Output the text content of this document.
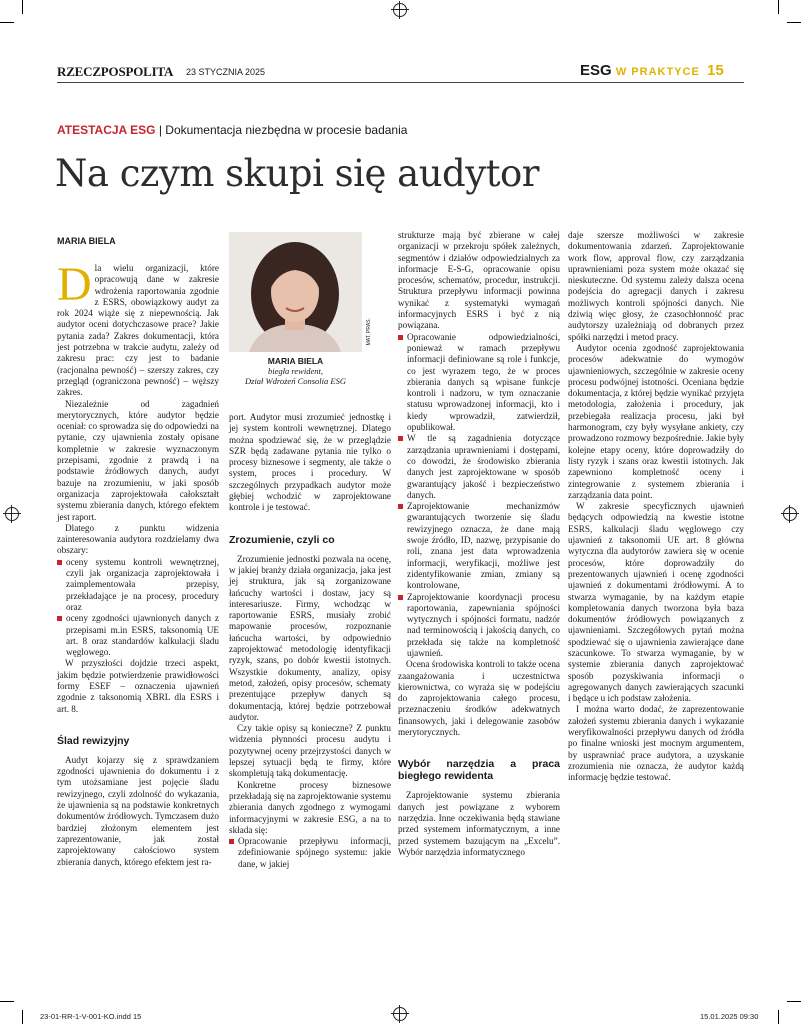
RZECZPOSPOLITA 23 STYCZNIA 2025	ESG W PRAKTYCE 15
ATESTACJA ESG | Dokumentacja niezbędna w procesie badania
Na czym skupi się audytor
MARIA BIELA
MAT. PRAS.
MARIA BIELA
biegła rewident,
Dział Wdrożeń Consolia ESG

Dla wielu organizacji, które opracowują dane w zakresie wdrożenia raportowania zgodnie z ESRS, obowiązkowy audyt za rok 2024 wiąże się z niepewnością. Jak audytor oceni dotychczasowe prace? Jakie pytania zada? Zakres dokumentacji, która jest potrzebna w trakcie audytu, zależy od zakresu prac: czy jest to badanie (racjonalna pewność) – szerszy zakres, czy przegląd (ograniczona pewność) – węższy zakres.

Niezależnie od zagadnień merytorycznych, które audytor będzie oceniał: co sprowadza się do odpowiedzi na pytanie, czy ujawnienia zostały opisane kompletnie w zakresie wyznaczonym przepisami, zgodnie z prawdą i na podstawie źródłowych danych, audyt bazuje na zrozumieniu, w jaki sposób organizacja zaprojektowała całokształt systemu zbierania danych, którego efektem jest raport.

Dlatego z punktu widzenia zainteresowania audytora rozdzielamy dwa obszary:

oceny systemu kontroli wewnętrznej, czyli jak organizacja zaprojektowała i zaimplementowała przepisy, przekładające je na procesy, procedury oraz
oceny zgodności ujawnionych danych z przepisami m.in ESRS, taksonomią UE art. 8 oraz standardów kalkulacji śladu węglowego.

W przyszłości dojdzie trzeci aspekt, jakim będzie potwierdzenie prawidłowości formy ESEF – oznaczenia ujawnień zgodnie z taksonomią XBRL dla ESRS i art. 8.

Ślad rewizyjny

Audyt kojarzy się z sprawdzaniem zgodności ujawnienia do dokumentu i z tym utożsamiane jest pojęcie śladu rewizyjnego, czyli zdolność do wykazania, że ujawnienia są na podstawie konkretnych dokumentów źródłowych. Tymczasem dużo bardziej złożonym elementem jest zaprezentowanie, jak został zaprojektowany całościowo system zbierania danych, którego efektem jest ra-

port. Audytor musi zrozumieć jednostkę i jej system kontroli wewnętrznej. Dlatego można spodziewać się, że w przeglądzie SZR będą zadawane pytania nie tylko o procesy biznesowe i segmenty, ale także o system, proces i procedury. W szczególnych przypadkach audytor może głębiej wchodzić w zaprojektowane kontrole i je testować.

Zrozumienie, czyli co

Zrozumienie jednostki pozwala na ocenę, w jakiej branży działa organizacja, jaka jest jej struktura, jak są zorganizowane łańcuchy wartości i dostaw, jacy są interesariusze. Firmy, wchodząc w raportowanie ESRS, musiały zrobić mapowanie procesów, rozpoznanie łańcucha wartości, by odpowiednio zaprojektować metodologię identyfikacji ryzyk, szans, po dobór kwestii istotnych. Wszystkie dokumenty, analizy, opisy metod, założeń, opisy procesów, schematy prezentujące przepływ danych są dokumentacją, której będzie potrzebował audytor.

Czy takie opisy są konieczne? Z punktu widzenia płynności procesu audytu i pozytywnej oceny przejrzystości danych w lepszej sytuacji będą te firmy, które skompletują taką dokumentację.

Konkretne procesy biznesowe przekładają się na zaprojektowanie systemu zbierania danych zgodnego z wymogami informacyjnymi w zakresie ESG, a na to składa się:

Opracowanie przepływu informacji, zdefiniowanie spójnego systemu: jakie dane, w jakiej

strukturze mają być zbierane w całej organizacji w przekroju spółek zależnych, segmentów i działów odpowiedzialnych za informacje E-S-G, opracowanie opisu procesów, schematów, procedur, instrukcji. Struktura przepływu informacji powinna wynikać z systematyki wymagań informacyjnych ESRS i być z nią powiązana.

Opracowanie odpowiedzialności, ponieważ w ramach przepływu informacji definiowane są role i funkcje, co jest wyrazem tego, że w proces zbierania danych są wpisane funkcje kontroli i nadzoru, w tym oznaczanie statusu wprowadzonej informacji, kto i kiedy wprowadził, zatwierdził, opublikował.
W tle są zagadnienia dotyczące zarządzania uprawnieniami i dostępami, co dowodzi, że środowisko zbierania danych jest zaprojektowane w sposób gwarantujący jakość i bezpieczeństwo danych.
Zaprojektowanie mechanizmów gwarantujących tworzenie się śladu rewizyjnego oznacza, że dane mają swoje źródło, ID, nazwę, przypisanie do roli, znana jest data wprowadzenia informacji, weryfikacji, możliwe jest zidentyfikowanie zmian, zmiany są kontrolowane,
Zaprojektowanie koordynacji procesu raportowania, zapewniania spójności wytycznych i spójności formatu, nadzór nad terminowością i jakością danych, co przekłada się także na kompletność ujawnień.

Ocena środowiska kontroli to także ocena zaangażowania i uczestnictwa kierownictwa, co wyraża się w podejściu do zaprojektowania całego procesu, przeznaczeniu środków adekwatnych finansowych, jaki i delegowanie zasobów merytorycznych.

Wybór narzędzia a praca biegłego rewidenta

Zaprojektowanie systemu zbierania danych jest powiązane z wyborem narzędzia. Inne oczekiwania będą stawiane przed systemem informatycznym, a inne przed systemem bazującym na „Excelu”. Wybór narzędzia informatycznego

daje szersze możliwości w zakresie dokumentowania zdarzeń. Zaprojektowanie work flow, approval flow, czy zarządzania uprawnieniami poza system może okazać się nieskuteczne. Od systemu zależy dalsza ocena podejścia do agregacji danych i zakresu możliwych kontroli spójności danych. Nie dziwią więc głosy, że czasochłonność prac audytorszy uzależniają od dobranych przez spółki narzędzi i metod pracy.

Audytor ocenia zgodność zaprojektowania procesów adekwatnie do wymogów ujawnieniowych, szczególnie w zakresie oceny procesu podwójnej istotności. Oceniana będzie dokumentacja, z której będzie wynikać przyjęta metodologia, założenia i procedury, jak przebiegała realizacja procesu, jaki był harmonogram, czy były wysyłane ankiety, czy prowadzono rozmowy bezpośrednie. Jakie były kolejne etapy oceny, które doprowadziły do listy ryzyk i szans oraz kwestii istotnych. Jak zapewniono kompletność oceny i zintegrowanie z systemem zbierania i zarządzania data point.

W zakresie specyficznych ujawnień będących odpowiedzią na kwestie istotne ESRS, kalkulacji śladu węglowego czy ujawnień z taksonomii UE art. 8 główna wytyczna dla audytorów zawiera się w ocenie procesów, które doprowadziły do prezentowanych ujawnień i ocenę zgodności ujawnień z dokumentami źródłowymi. A to stwarza wymaganie, by na każdym etapie kompletowania danych tworzona była baza dokumentów źródłowych powiązanych z ujawnieniami. Szczegółowych pytań można spodziewać się o ujawnienia zawierające dane szacunkowe. To stwarza wymaganie, by w systemie zbierania danych zaprojektować sposób pozyskiwania informacji o agregowanych danych zawierających szacunki i będące u ich podstaw założenia.

I można warto dodać, że zaprezentowanie założeń systemu zbierania danych i wykazanie weryfikowalności przepływu danych od źródła po finalne wnioski jest mocnym argumentem, by usprawniać prace audytora, a uzyskanie zrozumienia nie oznacza, że audytor każdą informację będzie testować.

23-01-RR-1-V-001-KO.indd 15	15.01.2025 09:30
